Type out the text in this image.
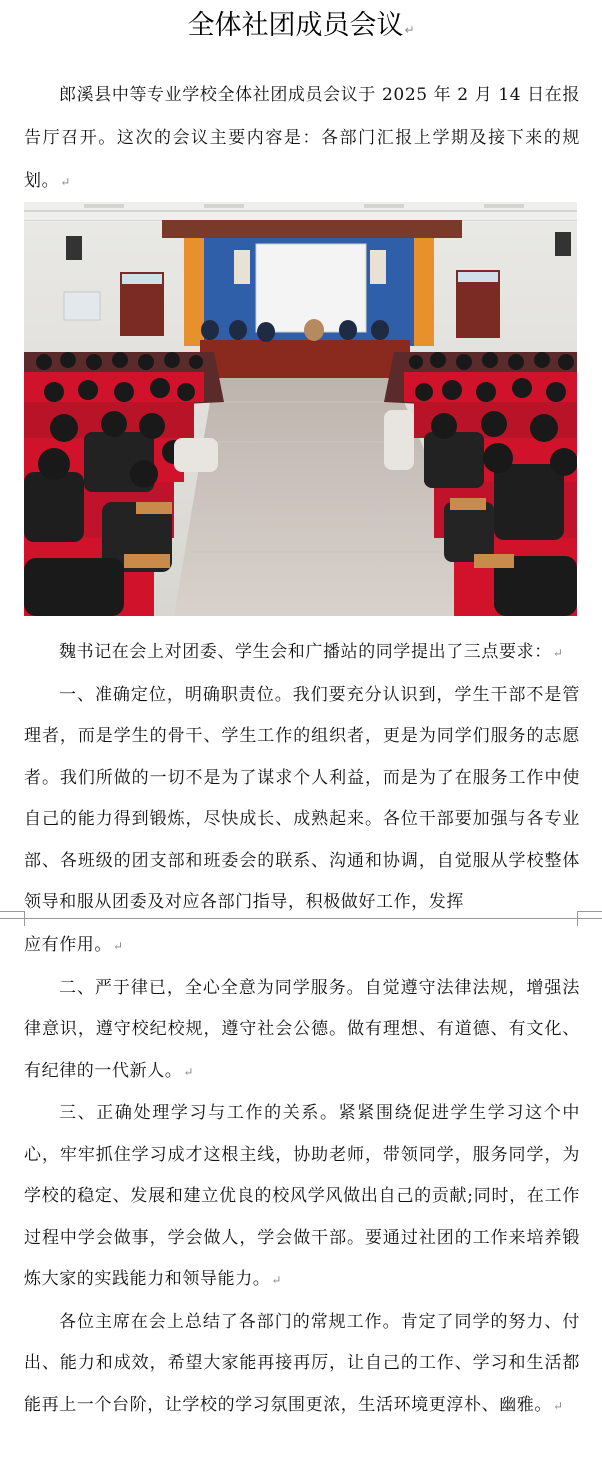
全体社团成员会议↵

郎溪县中等专业学校全体社团成员会议于 2025 年 2 月 14 日在报告厅召开。这次的会议主要内容是：各部门汇报上学期及接下来的规划。↵

魏书记在会上对团委、学生会和广播站的同学提出了三点要求：↵
一、准确定位，明确职责位。我们要充分认识到，学生干部不是管理者，而是学生的骨干、学生工作的组织者，更是为同学们服务的志愿者。我们所做的一切不是为了谋求个人利益，而是为了在服务工作中使自己的能力得到锻炼，尽快成长、成熟起来。各位干部要加强与各专业部、各班级的团支部和班委会的联系、沟通和协调，自觉服从学校整体领导和服从团委及对应各部门指导，积极做好工作，发挥
应有作用。↵
二、严于律已，全心全意为同学服务。自觉遵守法律法规，增强法律意识，遵守校纪校规，遵守社会公德。做有理想、有道德、有文化、有纪律的一代新人。↵
三、正确处理学习与工作的关系。紧紧围绕促进学生学习这个中心，牢牢抓住学习成才这根主线，协助老师，带领同学，服务同学，为学校的稳定、发展和建立优良的校风学风做出自己的贡献;同时，在工作过程中学会做事，学会做人，学会做干部。要通过社团的工作来培养锻炼大家的实践能力和领导能力。↵
各位主席在会上总结了各部门的常规工作。肯定了同学的努力、付出、能力和成效，希望大家能再接再厉，让自己的工作、学习和生活都能再上一个台阶，让学校的学习氛围更浓，生活环境更淳朴、幽雅。↵
